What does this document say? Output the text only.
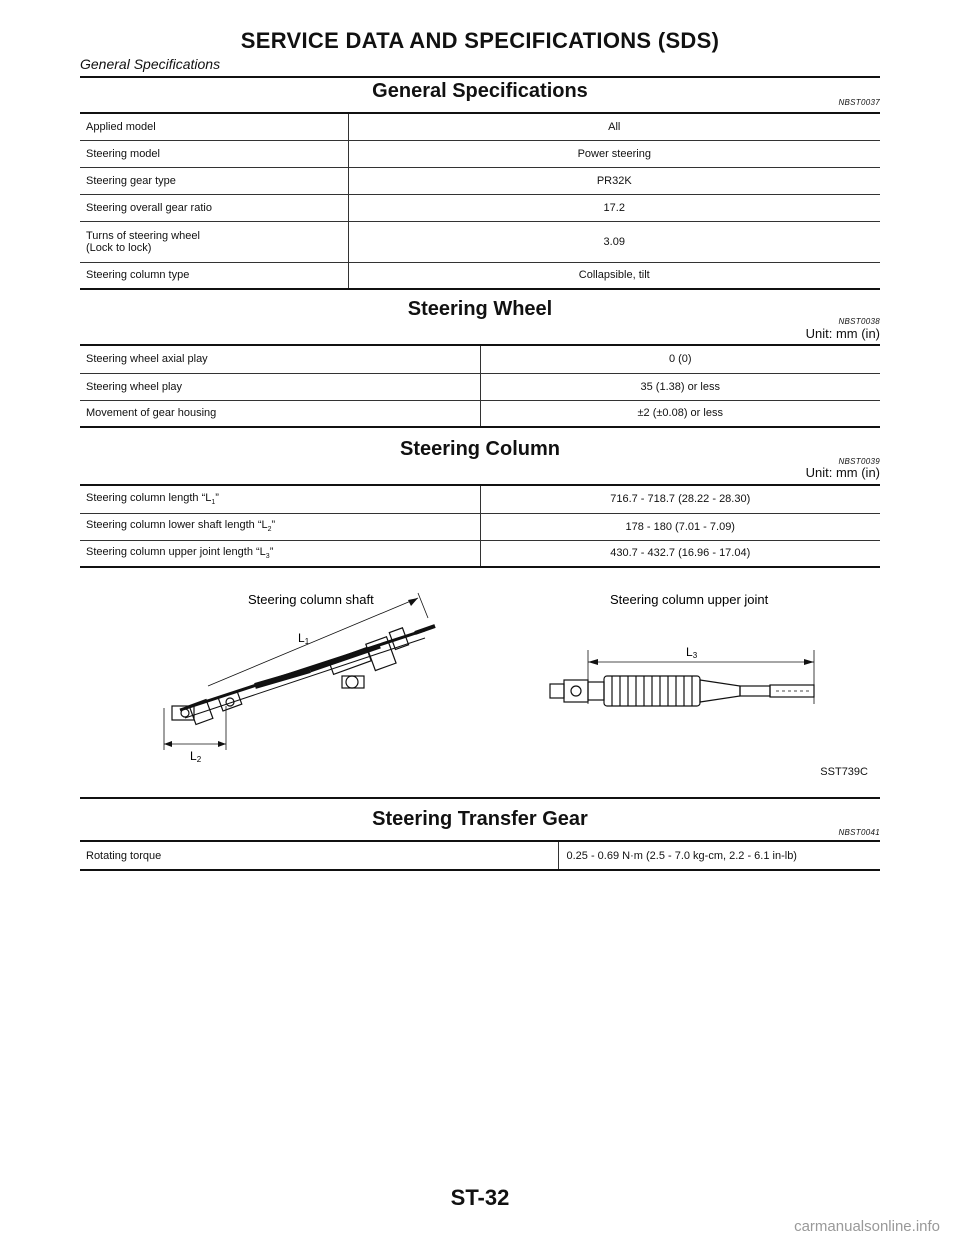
SERVICE DATA AND SPECIFICATIONS (SDS)
General Specifications
General Specifications
NBST0037
Applied model	All
Steering model	Power steering
Steering gear type	PR32K
Steering overall gear ratio	17.2

Turns of steering wheel
(Lock to lock)	3.09
Steering column type	Collapsible, tilt
Steering Wheel
NBST0038
Unit: mm (in)
Steering wheel axial play	0 (0)
Steering wheel play	35 (1.38) or less
Movement of gear housing	±2 (±0.08) or less
Steering Column
NBST0039
Unit: mm (in)
Steering column length “$L_1$”	716.7 - 718.7 (28.22 - 28.30)
Steering column lower shaft length “$L_2$”	178 - 180 (7.01 - 7.09)
Steering column upper joint length “$L_3$”	430.7 - 432.7 (16.96 - 17.04)
Steering column shaft
L1
L2
Steering column upper joint
L3
SST739C
Steering Transfer Gear
NBST0041
Rotating torque	0.25 - 0.69 N·m (2.5 - 7.0 kg-cm, 2.2 - 6.1 in-lb)
ST-32
carmanualsonline.info
